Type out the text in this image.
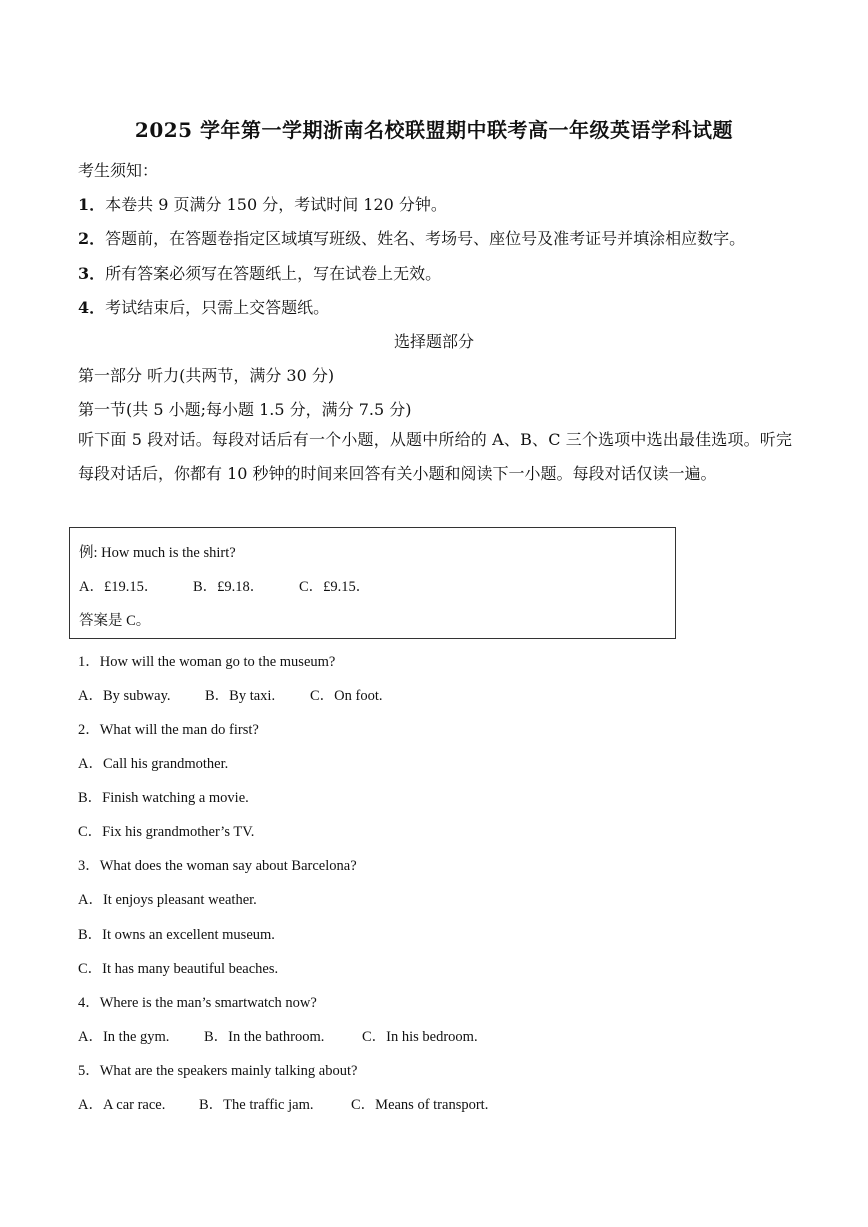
2025 学年第一学期浙南名校联盟期中联考高一年级英语学科试题
考生须知：
1．本卷共 9 页满分 150 分，考试时间 120 分钟。
2．答题前，在答题卷指定区域填写班级、姓名、考场号、座位号及准考证号并填涂相应数字。
3．所有答案必须写在答题纸上，写在试卷上无效。
4．考试结束后，只需上交答题纸。
选择题部分
第一部分 听力(共两节，满分 30 分)
第一节(共 5 小题;每小题 1.5 分，满分 7.5 分)
听下面 5 段对话。每段对话后有一个小题，从题中所给的 A、B、C 三个选项中选出最佳选项。听完每段对话后，你都有 10 秒钟的时间来回答有关小题和阅读下一小题。每段对话仅读一遍。
例: How much is the shirt?
A．£19.15． B．£9.18． C．£9.15．
答案是 C。
1．How will the woman go to the museum?
A．By subway. B．By taxi. C．On foot.
2．What will the man do first?
A．Call his grandmother.
B．Finish watching a movie.
C．Fix his grandmother’s TV.
3．What does the woman say about Barcelona?
A．It enjoys pleasant weather.
B．It owns an excellent museum.
C．It has many beautiful beaches.
4．Where is the man’s smartwatch now?
A．In the gym. B．In the bathroom.	C．In his bedroom.
5．What are the speakers mainly talking about?
A．A car race. B．The traffic jam.	C．Means of transport.
